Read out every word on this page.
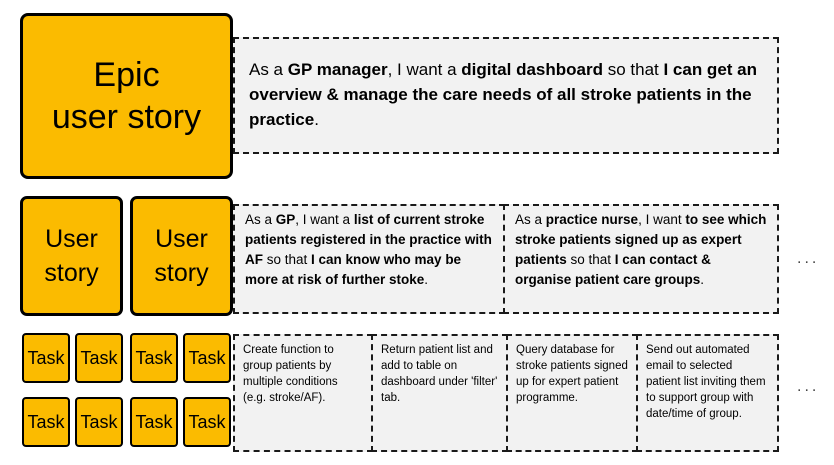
Epic
user story
As a GP manager, I want a digital dashboard so that I can get an overview & manage the care needs of all stroke patients in the practice.
User
story
User
story
As a GP, I want a list of current stroke patients registered in the practice with AF so that I can know who may be more at risk of further stoke.
As a practice nurse, I want to see which stroke patients signed up as expert patients so that I can contact & organise patient care groups.
...
Task Task Task Task
Task Task Task Task
Create function to group patients by multiple conditions (e.g. stroke/AF).
Return patient list and add to table on dashboard under 'filter' tab.
Query database for stroke patients signed up for expert patient programme.
Send out automated email to selected patient list inviting them to support group with date/time of group.
...
